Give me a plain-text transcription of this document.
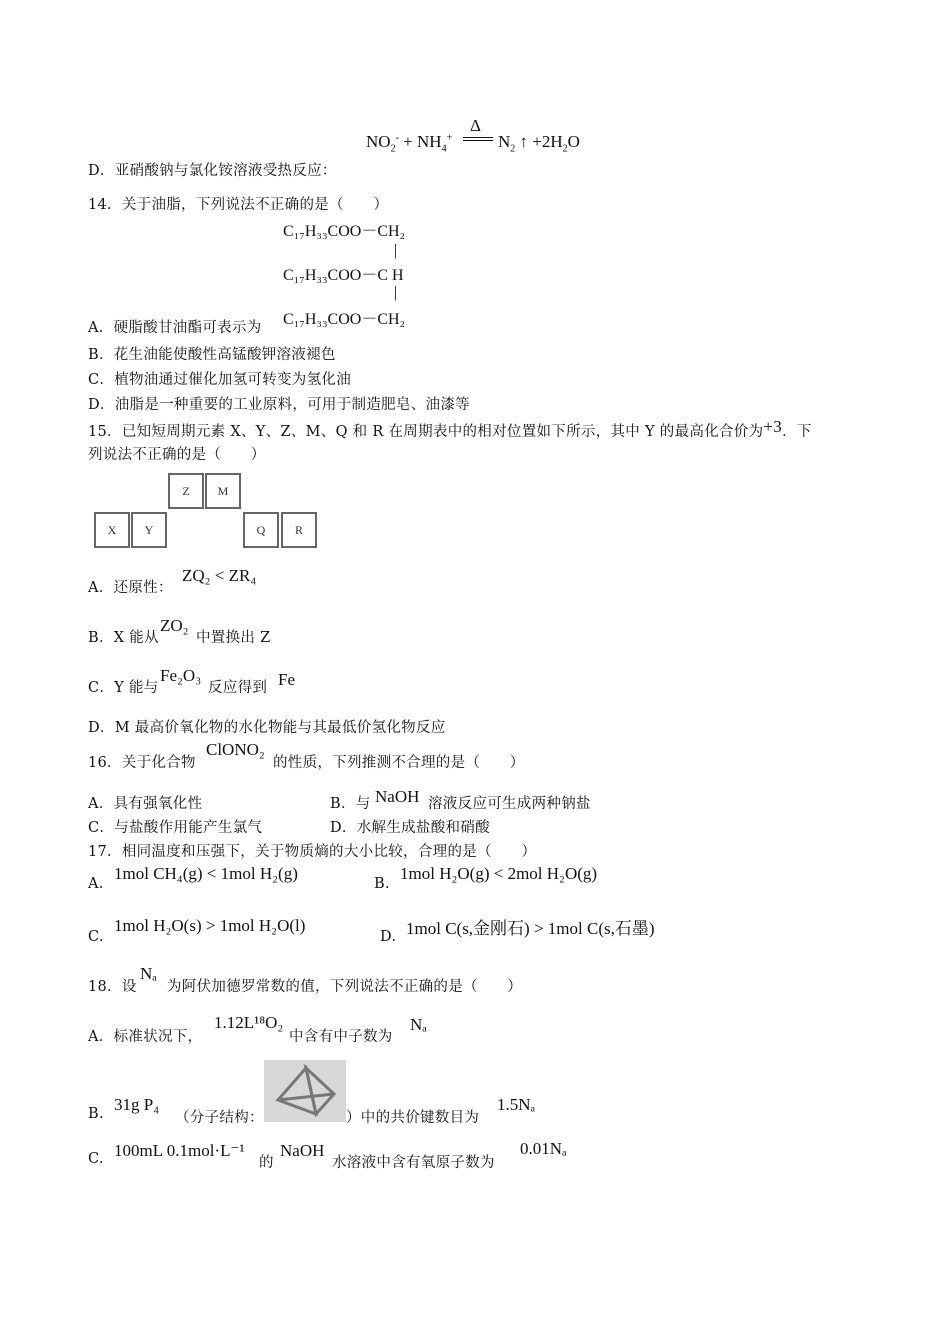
Δ
$NO_2^- + NH_4^+$	$N_2$ ↑ $+2H_2O$
D．亚硝酸钠与氯化铵溶液受热反应：
14．关于油脂，下列说法不正确的是（　　）
C₁₇H₃₃COO－CH₂
|
C₁₇H₃₃COO－C H
|
A．硬脂酸甘油酯可表示为 C₁₇H₃₃COO－CH₂
B．花生油能使酸性高锰酸钾溶液褪色
C．植物油通过催化加氢可转变为氢化油
D．油脂是一种重要的工业原料，可用于制造肥皂、油漆等
15．已知短周期元素 X、Y、Z、M、Q 和 R 在周期表中的相对位置如下所示，其中 Y 的最高化合价为+3．下
列说法不正确的是（　　）
Z	M
X	Y	Q	R
A．还原性：
ZQ₂ < ZR₄
B．X 能从
ZO₂
中置换出 Z
C．Y 能与
Fe₂O₃
反应得到 Fe
D．M 最高价氧化物的水化物能与其最低价氢化物反应
16．关于化合物
ClONO₂
的性质，下列推测不合理的是（　　）
A．具有强氧化性	B．与 NaOH 溶液反应可生成两种钠盐
C．与盐酸作用能产生氯气	D．水解生成盐酸和硝酸
17．相同温度和压强下，关于物质熵的大小比较，合理的是（　　）
A.
1mol CH₄(g) < 1mol H₂(g)
B.
1mol H₂O(g) < 2mol H₂O(g)
C.
1mol H₂O(s) > 1mol H₂O(l)
D. 1mol C(s,金刚石) > 1mol C(s,石墨)
18．设
Nₐ
为阿伏加德罗常数的值，下列说法不正确的是（　　）
A．标准状况下，
1.12L¹⁸O₂
中含有中子数为
Nₐ
B. 31g P₄
（分子结构：	）中的共价键数目为
1.5Nₐ
C. 100mL 0.1mol·L⁻¹
的
NaOH
水溶液中含有氧原子数为
0.01Nₐ
